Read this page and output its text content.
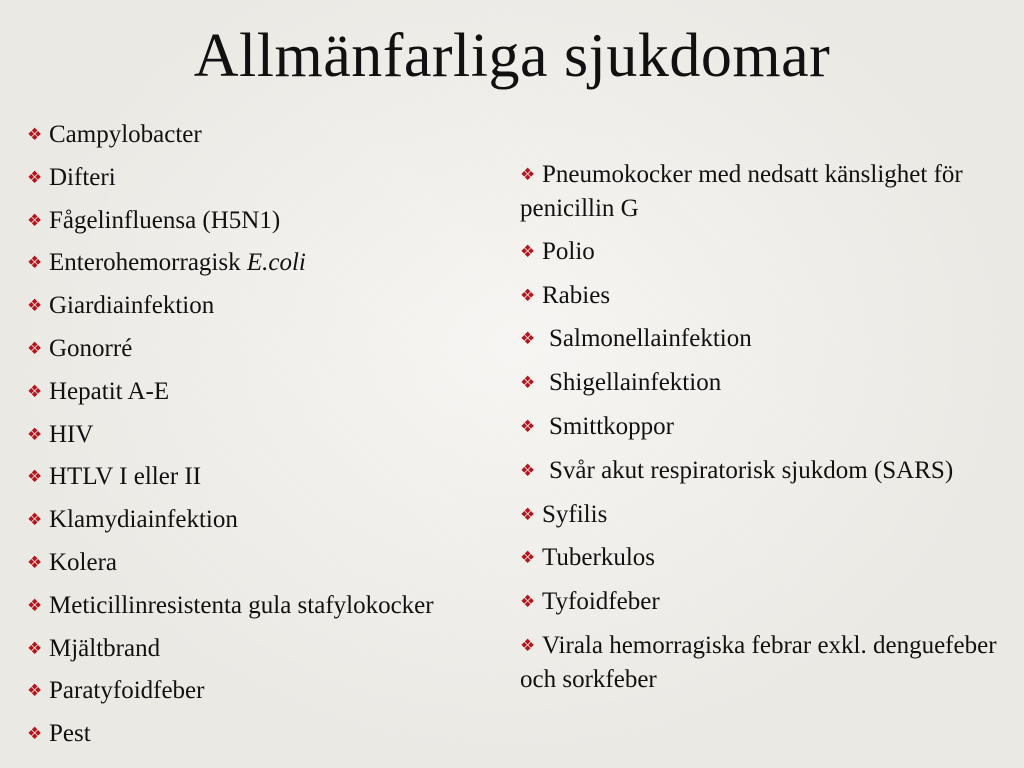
Allmänfarliga sjukdomar
❖ Campylobacter
❖ Difteri
❖ Fågelinfluensa (H5N1)
❖ Enterohemorragisk E.coli
❖ Giardiainfektion
❖ Gonorré
❖ Hepatit A-E
❖ HIV
❖ HTLV I eller II
❖ Klamydiainfektion
❖ Kolera
❖ Meticillinresistenta gula stafylokocker
❖ Mjältbrand
❖ Paratyfoidfeber
❖ Pest
❖ Pneumokocker med nedsatt känslighet för penicillin G
❖ Polio
❖ Rabies
❖ Salmonellainfektion
❖ Shigellainfektion
❖ Smittkoppor
❖ Svår akut respiratorisk sjukdom (SARS)
❖ Syfilis
❖ Tuberkulos
❖ Tyfoidfeber
❖ Virala hemorragiska febrar exkl. denguefeber och sorkfeber
